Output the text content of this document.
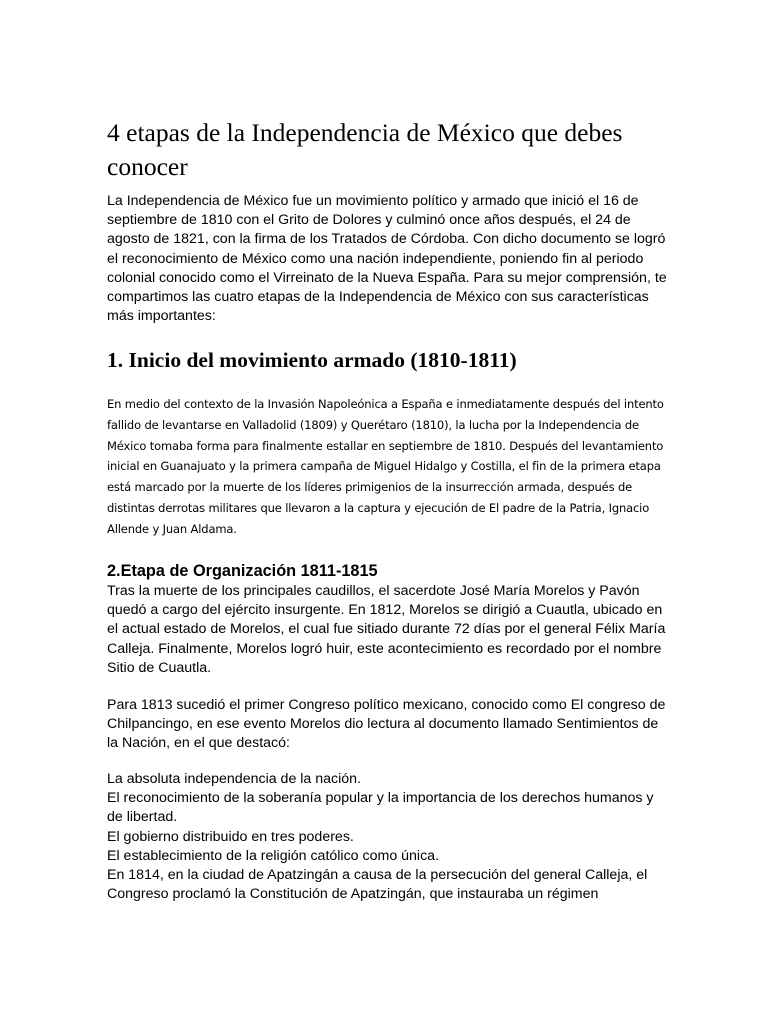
4 etapas de la Independencia de México que debes conocer

La Independencia de México fue un movimiento político y armado que inició el 16 de septiembre de 1810 con el Grito de Dolores y culminó once años después, el 24 de agosto de 1821, con la firma de los Tratados de Córdoba. Con dicho documento se logró el reconocimiento de México como una nación independiente, poniendo fin al periodo colonial conocido como el Virreinato de la Nueva España. Para su mejor comprensión, te compartimos las cuatro etapas de la Independencia de México con sus características más importantes:

1. Inicio del movimiento armado (1810-1811)

En medio del contexto de la Invasión Napoleónica a España e inmediatamente después del intento fallido de levantarse en Valladolid (1809) y Querétaro (1810), la lucha por la Independencia de México tomaba forma para finalmente estallar en septiembre de 1810. Después del levantamiento inicial en Guanajuato y la primera campaña de Miguel Hidalgo y Costilla, el fin de la primera etapa está marcado por la muerte de los líderes primigenios de la insurrección armada, después de distintas derrotas militares que llevaron a la captura y ejecución de El padre de la Patria, Ignacio Allende y Juan Aldama.

2.Etapa de Organización 1811-1815

Tras la muerte de los principales caudillos, el sacerdote José María Morelos y Pavón quedó a cargo del ejército insurgente. En 1812, Morelos se dirigió a Cuautla, ubicado en el actual estado de Morelos, el cual fue sitiado durante 72 días por el general Félix María Calleja. Finalmente, Morelos logró huir, este acontecimiento es recordado por el nombre Sitio de Cuautla.

Para 1813 sucedió el primer Congreso político mexicano, conocido como El congreso de Chilpancingo, en ese evento Morelos dio lectura al documento llamado Sentimientos de la Nación, en el que destacó:

La absoluta independencia de la nación.
El reconocimiento de la soberanía popular y la importancia de los derechos humanos y de libertad.
El gobierno distribuido en tres poderes.
El establecimiento de la religión católico como única.
En 1814, en la ciudad de Apatzingán a causa de la persecución del general Calleja, el Congreso proclamó la Constitución de Apatzingán, que instauraba un régimen
